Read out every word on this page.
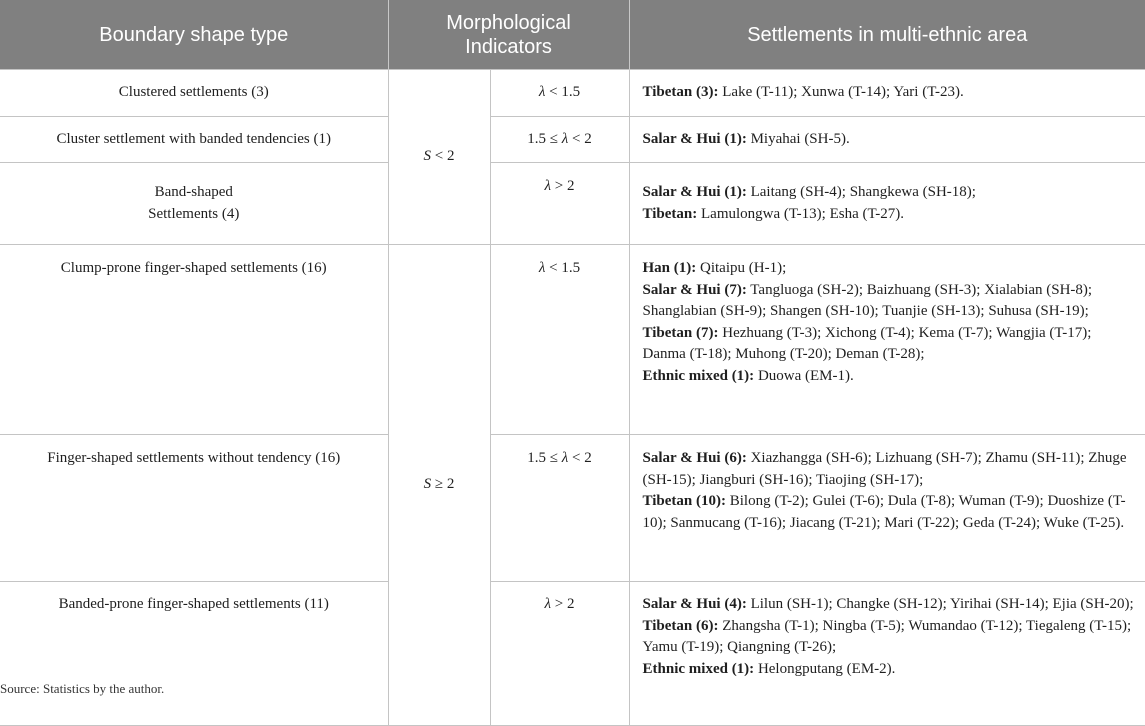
Boundary shape type	Morphological
Indicators		Settlements in multi-ethnic area
Clustered settlements (3)	S < 2	λ < 1.5	Tibetan (3): Lake (T-11); Xunwa (T-14); Yari (T-23).
Cluster settlement with banded tendencies (1)		1.5 ≤ λ < 2	Salar & Hui (1): Miyahai (SH-5).

Band-shaped
Settlements (4)		λ > 2	Salar & Hui (1): Laitang (SH-4); Shangkewa (SH-18);
Tibetan: Lamulongwa (T-13); Esha (T-27).

Clump-prone finger-shaped settlements (16)	S ≥ 2	λ < 1.5	Han (1): Qitaipu (H-1);
Salar & Hui (7): Tangluoga (SH-2); Baizhuang (SH-3); Xialabian (SH-8); Shanglabian (SH-9); Shangen (SH-10); Tuanjie (SH-13); Suhusa (SH-19);
Tibetan (7): Hezhuang (T-3); Xichong (T-4); Kema (T-7); Wangjia (T-17); Danma (T-18); Muhong (T-20); Deman (T-28);
Ethnic mixed (1): Duowa (EM-1).

Finger-shaped settlements without tendency (16)		1.5 ≤ λ < 2	Salar & Hui (6): Xiazhangga (SH-6); Lizhuang (SH-7); Zhamu (SH-11); Zhuge (SH-15); Jiangburi (SH-16); Tiaojing (SH-17);
Tibetan (10): Bilong (T-2); Gulei (T-6); Dula (T-8); Wuman (T-9); Duoshize (T-10); Sanmucang (T-16); Jiacang (T-21); Mari (T-22); Geda (T-24); Wuke (T-25).

Banded-prone finger-shaped settlements (11)		λ > 2	Salar & Hui (4): Lilun (SH-1); Changke (SH-12); Yirihai (SH-14); Ejia (SH-20);
Tibetan (6): Zhangsha (T-1); Ningba (T-5); Wumandao (T-12); Tiegaleng (T-15); Yamu (T-19); Qiangning (T-26);
Ethnic mixed (1): Helongputang (EM-2).
Source: Statistics by the author.
